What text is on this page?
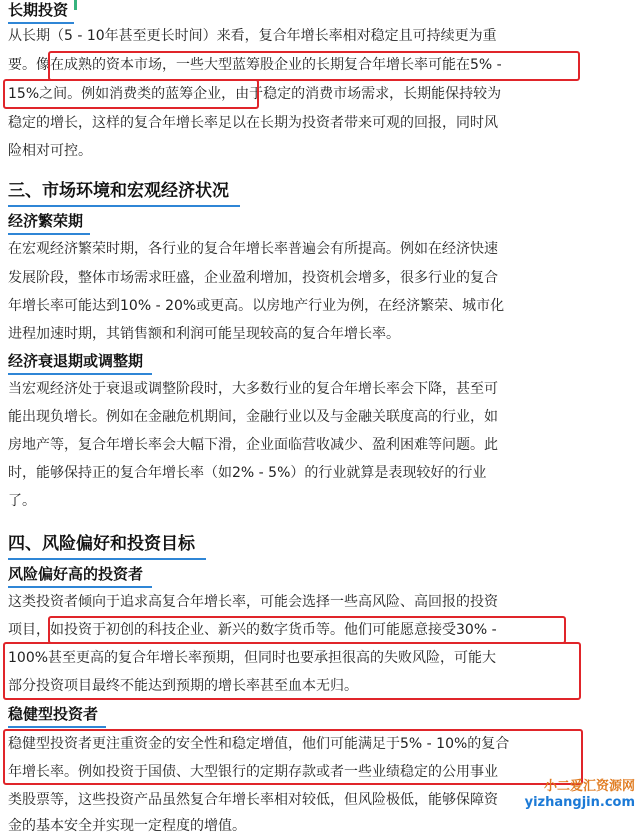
长期投资
从长期（5 - 10年甚至更长时间）来看，复合年增长率相对稳定且可持续更为重
要。像在成熟的资本市场，一些大型蓝筹股企业的长期复合年增长率可能在5% -
15%之间。例如消费类的蓝筹企业，由于稳定的消费市场需求，长期能保持较为
稳定的增长，这样的复合年增长率足以在长期为投资者带来可观的回报，同时风
险相对可控。
三、市场环境和宏观经济状况
经济繁荣期
在宏观经济繁荣时期，各行业的复合年增长率普遍会有所提高。例如在经济快速
发展阶段，整体市场需求旺盛，企业盈利增加，投资机会增多，很多行业的复合
年增长率可能达到10% - 20%或更高。以房地产行业为例，在经济繁荣、城市化
进程加速时期，其销售额和利润可能呈现较高的复合年增长率。
经济衰退期或调整期
当宏观经济处于衰退或调整阶段时，大多数行业的复合年增长率会下降，甚至可
能出现负增长。例如在金融危机期间，金融行业以及与金融关联度高的行业，如
房地产等，复合年增长率会大幅下滑，企业面临营收减少、盈利困难等问题。此
时，能够保持正的复合年增长率（如2% - 5%）的行业就算是表现较好的行业
了。
四、风险偏好和投资目标
风险偏好高的投资者
这类投资者倾向于追求高复合年增长率，可能会选择一些高风险、高回报的投资
项目，如投资于初创的科技企业、新兴的数字货币等。他们可能愿意接受30% -
100%甚至更高的复合年增长率预期，但同时也要承担很高的失败风险，可能大
部分投资项目最终不能达到预期的增长率甚至血本无归。
稳健型投资者
稳健型投资者更注重资金的安全性和稳定增值，他们可能满足于5% - 10%的复合
年增长率。例如投资于国债、大型银行的定期存款或者一些业绩稳定的公用事业
类股票等，这些投资产品虽然复合年增长率相对较低，但风险极低，能够保障资
金的基本安全并实现一定程度的增值。
小二爱汇资源网
yizhangjin.com
